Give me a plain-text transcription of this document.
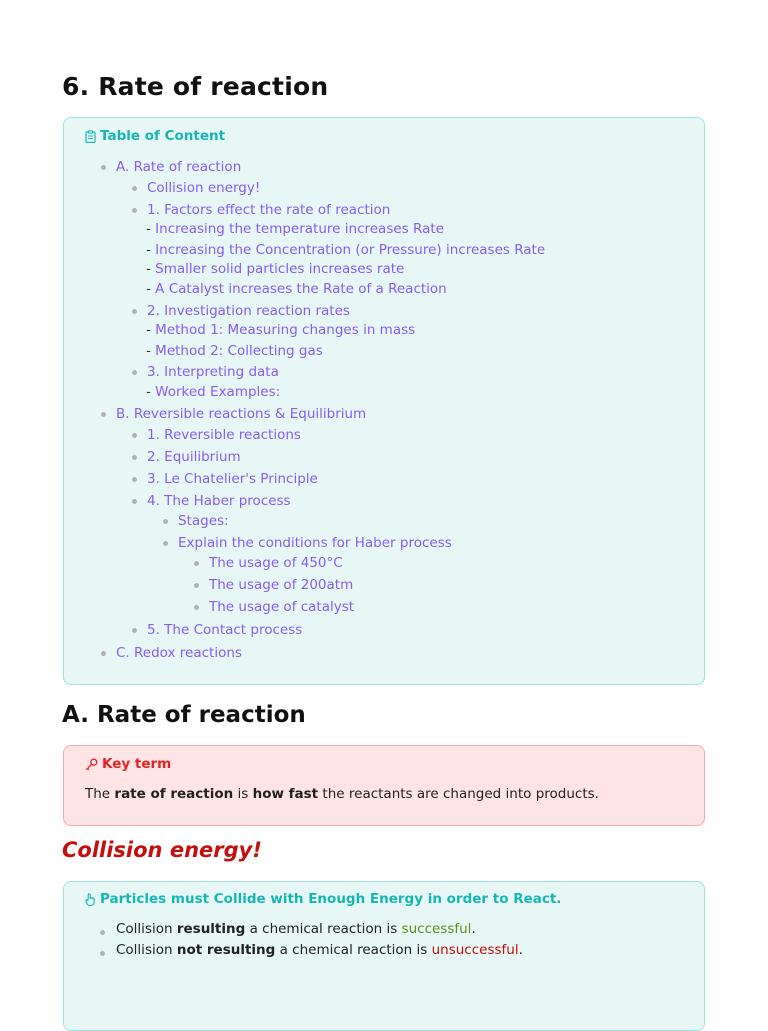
6. Rate of reaction
Table of Content
A. Rate of reaction
Collision energy!
1. Factors effect the rate of reaction
- Increasing the temperature increases Rate
- Increasing the Concentration (or Pressure) increases Rate
- Smaller solid particles increases rate
- A Catalyst increases the Rate of a Reaction
2. Investigation reaction rates
- Method 1: Measuring changes in mass
- Method 2: Collecting gas
3. Interpreting data
- Worked Examples:
B. Reversible reactions & Equilibrium
1. Reversible reactions
2. Equilibrium
3. Le Chatelier's Principle
4. The Haber process
Stages:
Explain the conditions for Haber process
The usage of 450°C
The usage of 200atm
The usage of catalyst
5. The Contact process
C. Redox reactions
A. Rate of reaction
Key term
The rate of reaction is how fast the reactants are changed into products.
Collision energy!
Particles must Collide with Enough Energy in order to React.
Collision resulting a chemical reaction is successful.
Collision not resulting a chemical reaction is unsuccessful.
